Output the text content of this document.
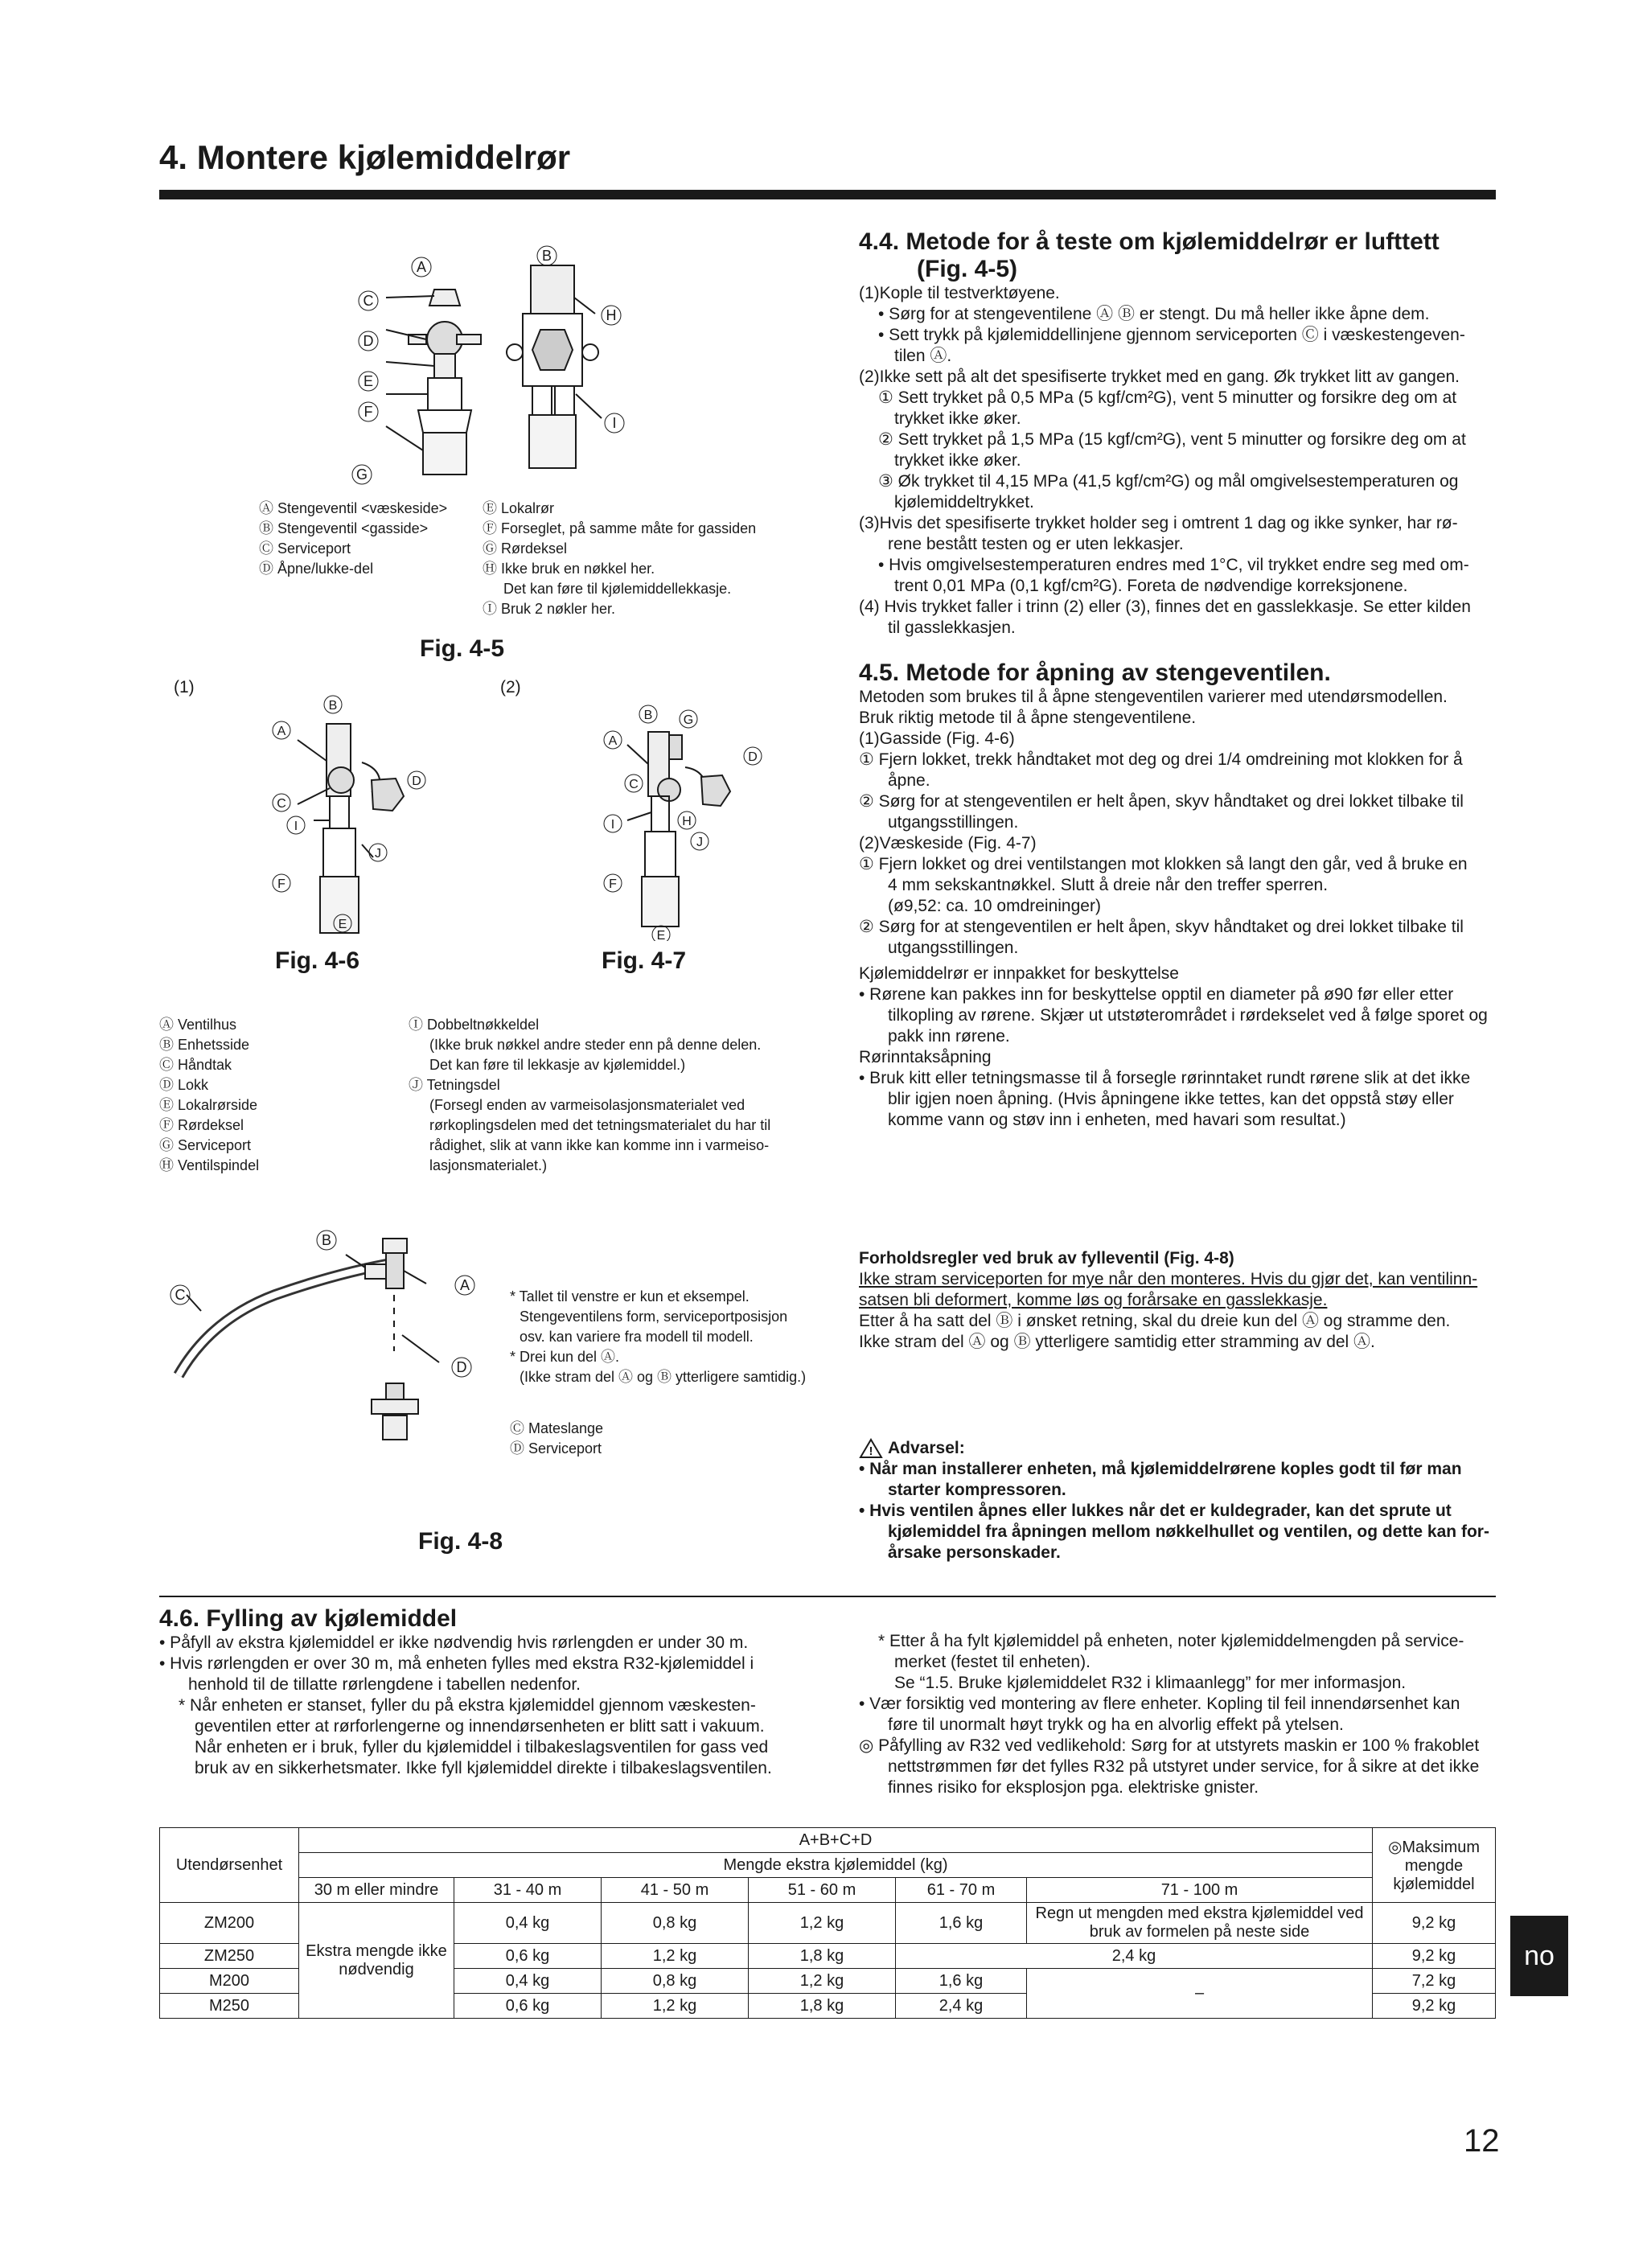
4. Montere kjølemiddelrør
A
B
C
D
E
F
G
H
I
Ⓐ Stengeventil <væskeside>
Ⓑ Stengeventil <gasside>
Ⓒ Serviceport
Ⓓ Åpne/lukke-del
Ⓔ Lokalrør
Ⓕ Forseglet, på samme måte for gassiden
Ⓖ Rørdeksel
Ⓗ Ikke bruk en nøkkel her.
Det kan føre til kjølemiddellekkasje.
Ⓘ Bruk 2 nøkler her.
Fig. 4-5
(1)	(2)
B
A
C
D
E
F
I
J
B G
A
C
D
H
I
J
F
E
Fig. 4-6	Fig. 4-7
Ⓐ Ventilhus
Ⓑ Enhetsside
Ⓒ Håndtak
Ⓓ Lokk
Ⓔ Lokalrørside
Ⓕ Rørdeksel
Ⓖ Serviceport
Ⓗ Ventilspindel
Ⓘ Dobbeltnøkkeldel
(Ikke bruk nøkkel andre steder enn på denne delen.
Det kan føre til lekkasje av kjølemiddel.)
Ⓙ Tetningsdel
(Forsegl enden av varmeisolasjonsmaterialet ved
rørkoplingsdelen med det tetningsmaterialet du har til
rådighet, slik at vann ikke kan komme inn i varmeiso-
lasjonsmaterialet.)
B
A
C
D
* Tallet til venstre er kun et eksempel.
Stengeventilens form, serviceportposisjon
osv. kan variere fra modell til modell.
* Drei kun del Ⓐ.
(Ikke stram del Ⓐ og Ⓑ ytterligere samtidig.)
Ⓒ Mateslange
Ⓓ Serviceport
Fig. 4-8
4.4. Metode for å teste om kjølemiddelrør er lufttett
(Fig. 4-5)
(1)Kople til testverktøyene.
• Sørg for at stengeventilene Ⓐ Ⓑ er stengt. Du må heller ikke åpne dem.
• Sett trykk på kjølemiddellinjene gjennom serviceporten Ⓒ i væskestengeven-
tilen Ⓐ.
(2)Ikke sett på alt det spesifiserte trykket med en gang. Øk trykket litt av gangen.
① Sett trykket på 0,5 MPa (5 kgf/cm²G), vent 5 minutter og forsikre deg om at
trykket ikke øker.
② Sett trykket på 1,5 MPa (15 kgf/cm²G), vent 5 minutter og forsikre deg om at
trykket ikke øker.
③ Øk trykket til 4,15 MPa (41,5 kgf/cm²G) og mål omgivelsestemperaturen og
kjølemiddeltrykket.
(3)Hvis det spesifiserte trykket holder seg i omtrent 1 dag og ikke synker, har rø-
rene bestått testen og er uten lekkasjer.
• Hvis omgivelsestemperaturen endres med 1°C, vil trykket endre seg med om-
trent 0,01 MPa (0,1 kgf/cm²G). Foreta de nødvendige korreksjonene.
(4) Hvis trykket faller i trinn (2) eller (3), finnes det en gasslekkasje. Se etter kilden
til gasslekkasjen.
4.5. Metode for åpning av stengeventilen.
Metoden som brukes til å åpne stengeventilen varierer med utendørsmodellen.
Bruk riktig metode til å åpne stengeventilene.
(1)Gasside (Fig. 4-6)
① Fjern lokket, trekk håndtaket mot deg og drei 1/4 omdreining mot klokken for å
åpne.
② Sørg for at stengeventilen er helt åpen, skyv håndtaket og drei lokket tilbake til
utgangsstillingen.
(2)Væskeside (Fig. 4-7)
① Fjern lokket og drei ventilstangen mot klokken så langt den går, ved å bruke en
4 mm sekskantnøkkel. Slutt å dreie når den treffer sperren.
(ø9,52: ca. 10 omdreininger)
② Sørg for at stengeventilen er helt åpen, skyv håndtaket og drei lokket tilbake til
utgangsstillingen.
Kjølemiddelrør er innpakket for beskyttelse
• Rørene kan pakkes inn for beskyttelse opptil en diameter på ø90 før eller etter
tilkopling av rørene. Skjær ut utstøterområdet i rørdekselet ved å følge sporet og
pakk inn rørene.
Rørinntaksåpning
• Bruk kitt eller tetningsmasse til å forsegle rørinntaket rundt rørene slik at det ikke
blir igjen noen åpning. (Hvis åpningene ikke tettes, kan det oppstå støy eller
komme vann og støv inn i enheten, med havari som resultat.)
Forholdsregler ved bruk av fylleventil (Fig. 4-8)
Ikke stram serviceporten for mye når den monteres. Hvis du gjør det, kan ventilinn-
satsen bli deformert, komme løs og forårsake en gasslekkasje.
Etter å ha satt del Ⓑ i ønsket retning, skal du dreie kun del Ⓐ og stramme den.
Ikke stram del Ⓐ og Ⓑ ytterligere samtidig etter stramming av del Ⓐ.
! Advarsel:
• Når man installerer enheten, må kjølemiddelrørene koples godt til før man
starter kompressoren.
• Hvis ventilen åpnes eller lukkes når det er kuldegrader, kan det sprute ut
kjølemiddel fra åpningen mellom nøkkelhullet og ventilen, og dette kan for-
årsake personskader.
4.6. Fylling av kjølemiddel
• Påfyll av ekstra kjølemiddel er ikke nødvendig hvis rørlengden er under 30 m.
• Hvis rørlengden er over 30 m, må enheten fylles med ekstra R32-kjølemiddel i
henhold til de tillatte rørlengdene i tabellen nedenfor.
* Når enheten er stanset, fyller du på ekstra kjølemiddel gjennom væskesten-
geventilen etter at rørforlengerne og innendørsenheten er blitt satt i vakuum.
Når enheten er i bruk, fyller du kjølemiddel i tilbakeslagsventilen for gass ved
bruk av en sikkerhetsmater. Ikke fyll kjølemiddel direkte i tilbakeslagsventilen.
* Etter å ha fylt kjølemiddel på enheten, noter kjølemiddelmengden på service-
merket (festet til enheten).
Se “1.5. Bruke kjølemiddelet R32 i klimaanlegg” for mer informasjon.
• Vær forsiktig ved montering av flere enheter. Kopling til feil innendørsenhet kan
føre til unormalt høyt trykk og ha en alvorlig effekt på ytelsen.
◎ Påfylling av R32 ved vedlikehold: Sørg for at utstyrets maskin er 100 % frakoblet
nettstrømmen før det fylles R32 på utstyret under service, for å sikre at det ikke
finnes risiko for eksplosjon pga. elektriske gnister.
Utendørsenhet	A+B+C+D						◎Maksimum mengde kjølemiddel
	Mengde ekstra kjølemiddel (kg)						
	30 m eller mindre	31 - 40 m	41 - 50 m	51 - 60 m	61 - 70 m	71 - 100 m	
ZM200	Ekstra mengde ikke nødvendig	0,4 kg	0,8 kg	1,2 kg	1,6 kg	Regn ut mengden med ekstra kjølemiddel ved bruk av formelen på neste side	9,2 kg
ZM250		0,6 kg	1,2 kg	1,8 kg	2,4 kg		9,2 kg
M200		0,4 kg	0,8 kg	1,2 kg	1,6 kg	–	7,2 kg
M250		0,6 kg	1,2 kg	1,8 kg	2,4 kg		9,2 kg
no
12
